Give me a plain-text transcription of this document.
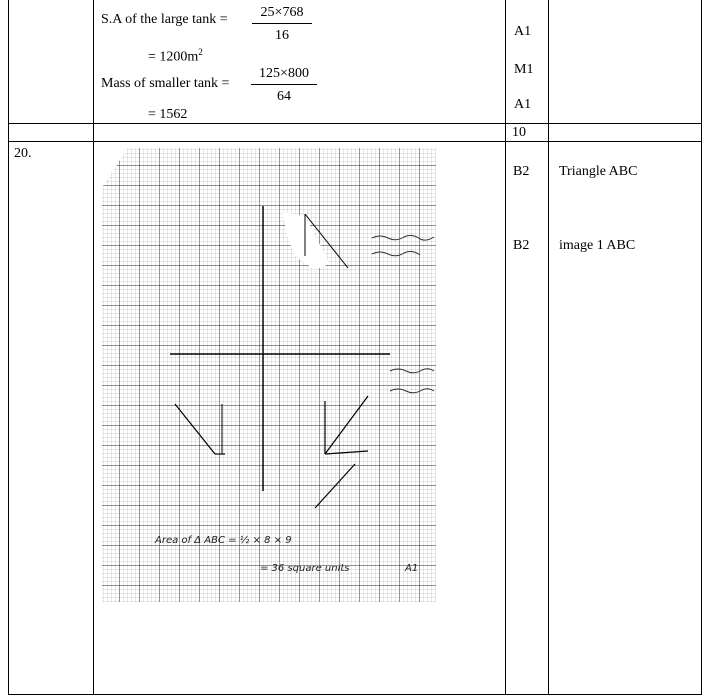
S.A of the large $\tan k = \frac{25\times 768}{16}$
= $1200m^2$
Mass of smaller $\tan k = \frac{125\times 800}{64}$
= 1562
A1
M1
A1
10
20.
B2
B2
Triangle ABC
image 1 ABC
Area of Δ ABC = ½ × 8 × 9
= 36 square units	A1
